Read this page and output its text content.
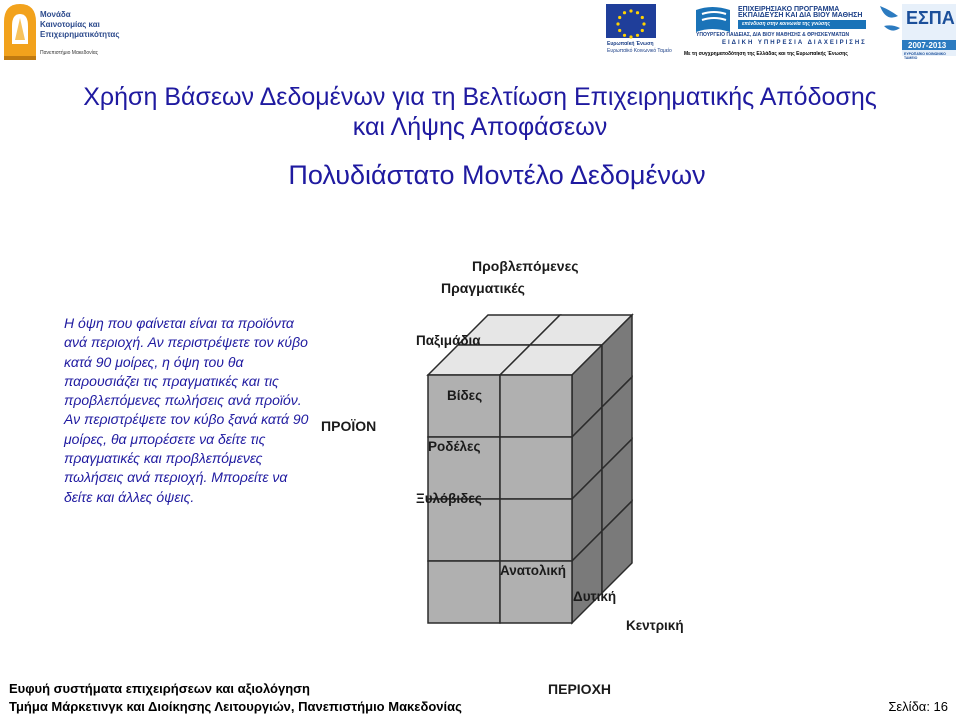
Μονάδα
Καινοτομίας και
Επιχειρηματικότητας
Πανεπιστήμιο Μακεδονίας
Ευρωπαϊκή Ένωση
Ευρωπαϊκό Κοινωνικό Ταμείο
ΕΠΙΧΕΙΡΗΣΙΑΚΟ ΠΡΟΓΡΑΜΜΑ
ΕΚΠΑΙΔΕΥΣΗ ΚΑΙ ΔΙΑ ΒΙΟΥ ΜΑΘΗΣΗ
επένδυση στην κοινωνία της γνώσης
ΥΠΟΥΡΓΕΙΟ ΠΑΙΔΕΙΑΣ, ΔΙΑ ΒΙΟΥ ΜΑΘΗΣΗΣ & ΘΡΗΣΚΕΥΜΑΤΩΝ
ΕΙΔΙΚΗ ΥΠΗΡΕΣΙΑ ΔΙΑΧΕΙΡΙΣΗΣ
Με τη συγχρηματοδότηση της Ελλάδας και της Ευρωπαϊκής Ένωσης
ΕΣΠΑ
2007-2013
ΕΥΡΩΠΑΪΚΟ ΚΟΙΝΩΝΙΚΟ ΤΑΜΕΙΟ
Χρήση Βάσεων Δεδομένων για τη Βελτίωση Επιχειρηματικής Απόδοσης
και Λήψης Αποφάσεων
Πολυδιάστατο Μοντέλο Δεδομένων
Η όψη που φαίνεται είναι τα προϊόντα ανά περιοχή. Αν περιστρέψετε τον κύβο κατά 90 μοίρες, η όψη του θα παρουσιάζει τις πραγματικές και τις προβλεπόμενες πωλήσεις ανά προϊόν. Αν περιστρέψετε τον κύβο ξανά κατά 90 μοίρες, θα μπορέσετε να δείτε τις πραγματικές και προβλεπόμενες πωλήσεις ανά περιοχή. Μπορείτε να δείτε και άλλες όψεις.
Προβλεπόμενες
Πραγματικές
Παξιμάδια
Βίδες
Ροδέλες
Ξυλόβιδες
ΠΡΟΪΟΝ
Ανατολική
Δυτική
Κεντρική
Ευφυή συστήματα επιχειρήσεων και αξιολόγηση
Τμήμα Μάρκετινγκ και Διοίκησης Λειτουργιών, Πανεπιστήμιο Μακεδονίας
ΠΕΡΙΟΧΗ
Σελίδα: 16
